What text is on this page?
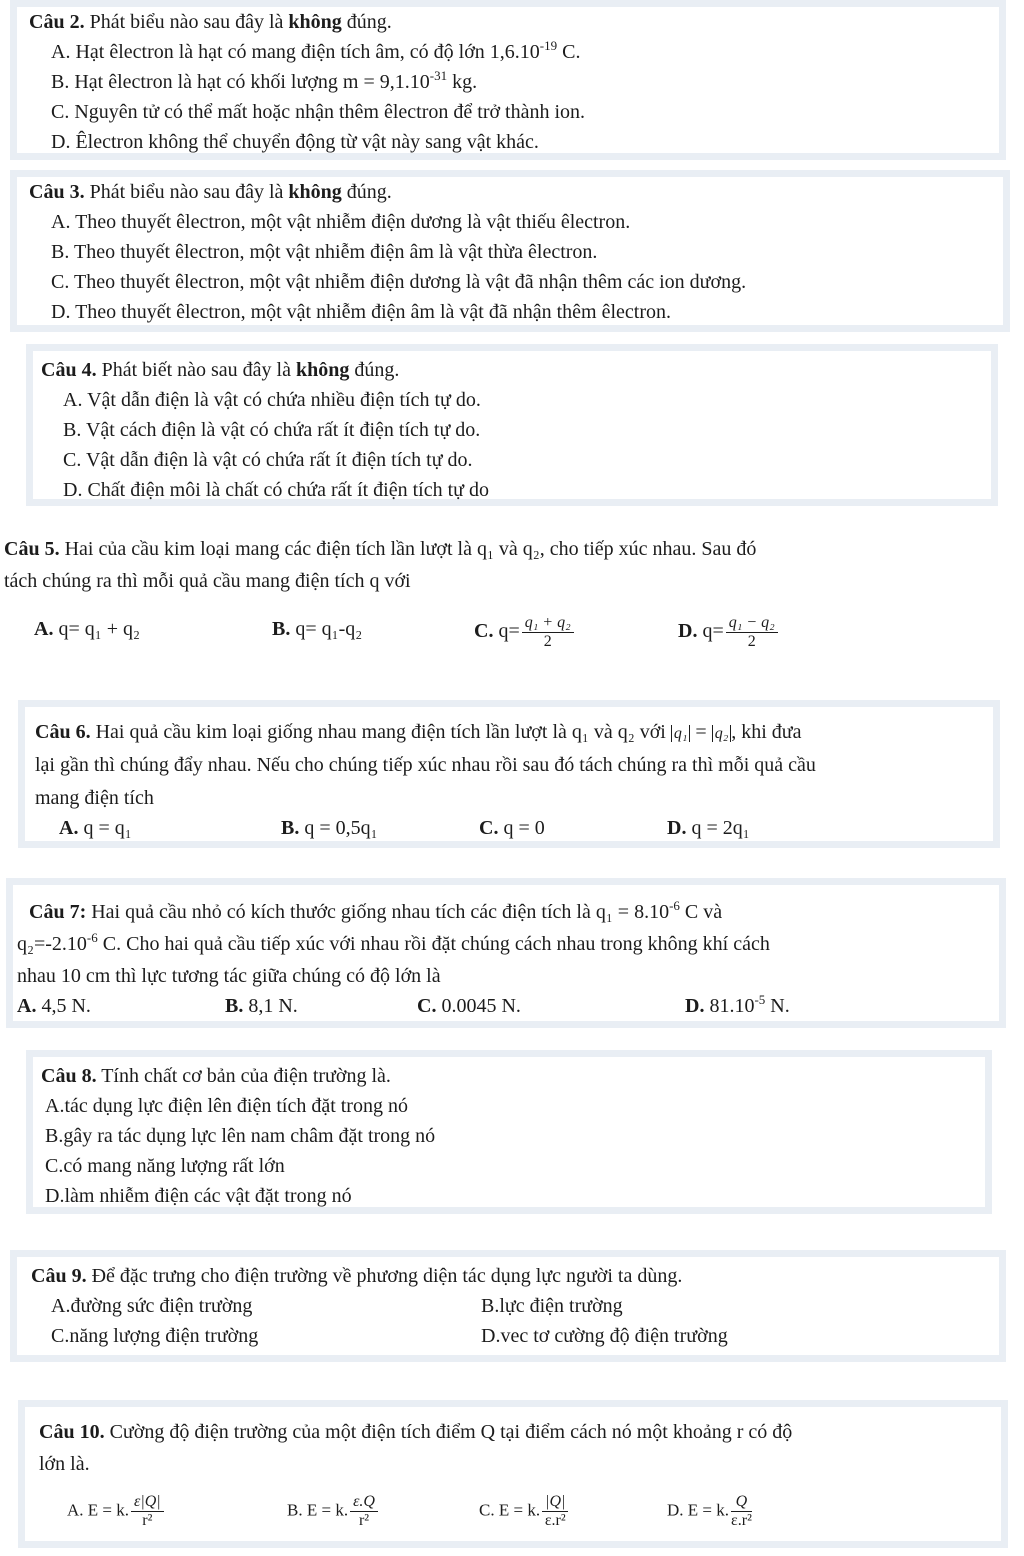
Câu 2. Phát biểu nào sau đây là không đúng.
A. Hạt êlectron là hạt có mang điện tích âm, có độ lớn $1,6.10^{-19}$ C.
B. Hạt êlectron là hạt có khối lượng $m = 9,1.10^{-31}$ kg.
C. Nguyên tử có thể mất hoặc nhận thêm êlectron để trở thành ion.
D. Êlectron không thể chuyển động từ vật này sang vật khác.
Câu 3. Phát biểu nào sau đây là không đúng.
A. Theo thuyết êlectron, một vật nhiễm điện dương là vật thiếu êlectron.
B. Theo thuyết êlectron, một vật nhiễm điện âm là vật thừa êlectron.
C. Theo thuyết êlectron, một vật nhiễm điện dương là vật đã nhận thêm các ion dương.
D. Theo thuyết êlectron, một vật nhiễm điện âm là vật đã nhận thêm êlectron.
Câu 4. Phát biết nào sau đây là không đúng.
A. Vật dẫn điện là vật có chứa nhiều điện tích tự do.
B. Vật cách điện là vật có chứa rất ít điện tích tự do.
C. Vật dẫn điện là vật có chứa rất ít điện tích tự do.
D. Chất điện môi là chất có chứa rất ít điện tích tự do
Câu 5. Hai của cầu kim loại mang các điện tích lần lượt là q₁ và q₂, cho tiếp xúc nhau. Sau đó
tách chúng ra thì mỗi quả cầu mang điện tích q với
A. q= q₁ + q₂	B. q= q₁-q₂	C. $q= \frac{\text{q₁ + q₂}}{2}$	D. $q= \frac{\text{q₁ − q₂}}{2}$
Câu 6. Hai quả cầu kim loại giống nhau mang điện tích lần lượt là q₁ và q₂ với q₁ = q₂ , khi đưa
lại gần thì chúng đẩy nhau. Nếu cho chúng tiếp xúc nhau rồi sau đó tách chúng ra thì mỗi quả cầu
mang điện tích
A. q = q₁	B. q = 0,5q₁	C. q = 0	D. q = 2q₁
Câu 7: Hai quả cầu nhỏ có kích thước giống nhau tích các điện tích là $q_1 = 8.10^{-6}$ C và
$q_2=-2.10^{-6}$ C. Cho hai quả cầu tiếp xúc với nhau rồi đặt chúng cách nhau trong không khí cách
nhau 10 cm thì lực tương tác giữa chúng có độ lớn là
A. 4,5 N.	B. 8,1 N.	C. 0.0045 N.	D. $81.10^{-5}$ N.
Câu 8. Tính chất cơ bản của điện trường là.
A.tác dụng lực điện lên điện tích đặt trong nó
B.gây ra tác dụng lực lên nam châm đặt trong nó
C.có mang năng lượng rất lớn
D.làm nhiễm điện các vật đặt trong nó
Câu 9. Để đặc trưng cho điện trường về phương diện tác dụng lực người ta dùng.
A.đường sức điện trường	B.lực điện trường
C.năng lượng điện trường	D.vec tơ cường độ điện trường
Câu 10. Cường độ điện trường của một điện tích điểm Q tại điểm cách nó một khoảng r có độ
lớn là.
A. E = k. $\frac{\varepsilon|Q|}{\text{r²}}$	B. E = k. $\frac{\varepsilon.Q}{\text{r²}}$	C. E = k. $\frac{|Q|}{\text{ε.r²}}$	D. E = k. $\frac{Q}{\text{ε.r²}}$
